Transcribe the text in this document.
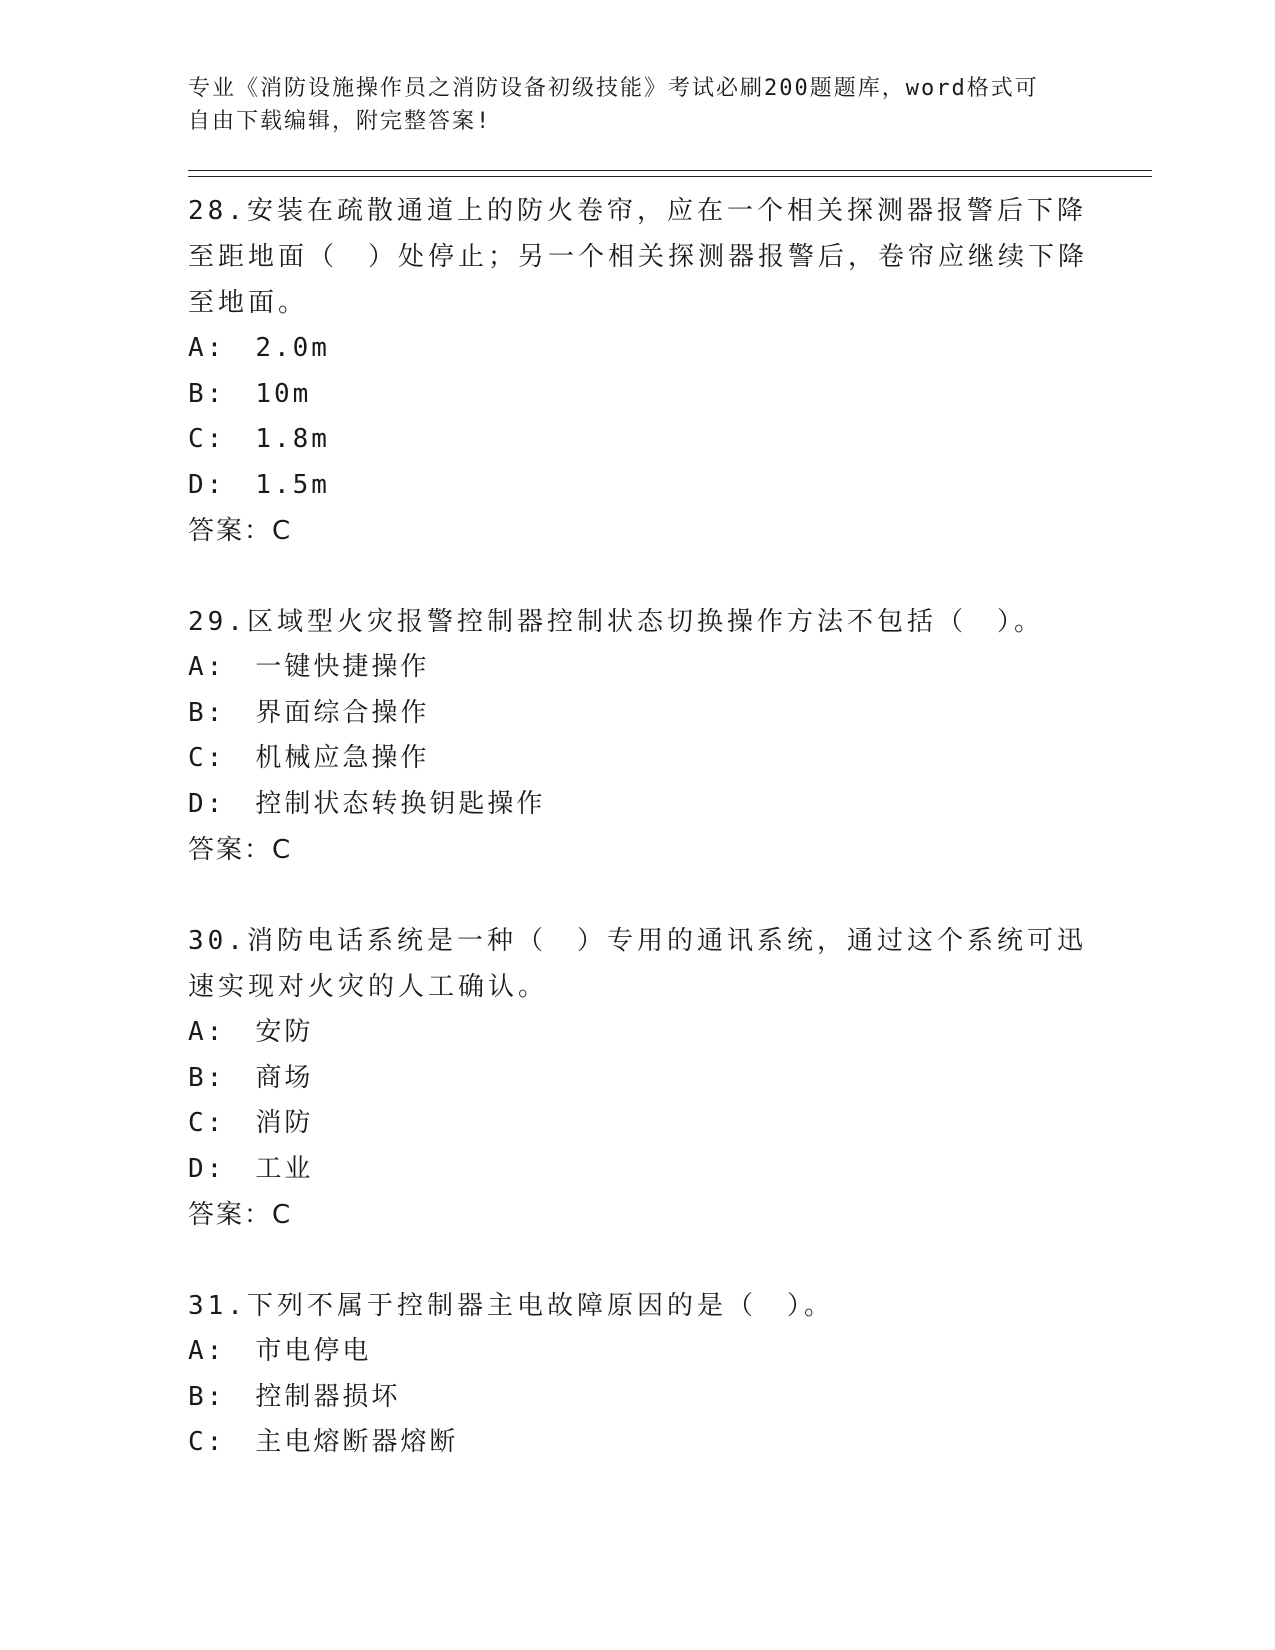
专业《消防设施操作员之消防设备初级技能》考试必刷200题题库，word格式可
自由下载编辑，附完整答案!
28.安装在疏散通道上的防火卷帘，应在一个相关探测器报警后下降至距地面（　）处停止；另一个相关探测器报警后，卷帘应继续下降至地面。
A: 2.0m
B: 10m
C: 1.8m
D: 1.5m
答案：C
29.区域型火灾报警控制器控制状态切换操作方法不包括（　）。
A: 一键快捷操作
B: 界面综合操作
C: 机械应急操作
D: 控制状态转换钥匙操作
答案：C
30.消防电话系统是一种（　）专用的通讯系统，通过这个系统可迅速实现对火灾的人工确认。
A: 安防
B: 商场
C: 消防
D: 工业
答案：C
31.下列不属于控制器主电故障原因的是（　）。
A: 市电停电
B: 控制器损坏
C: 主电熔断器熔断
